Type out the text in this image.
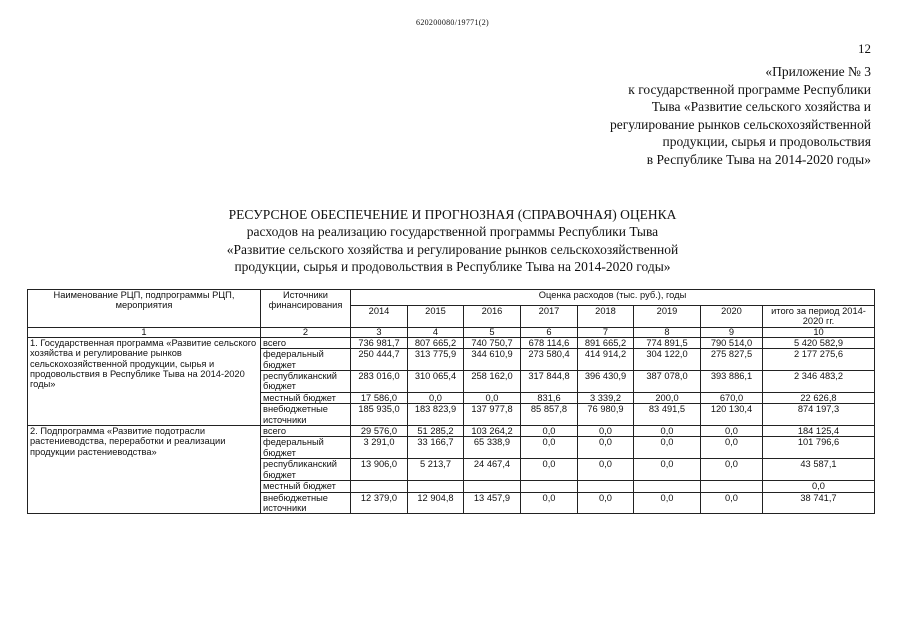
620200080/19771(2)
12
«Приложение № 3
к государственной программе Республики
Тыва «Развитие сельского хозяйства и
регулирование рынков сельскохозяйственной
продукции, сырья и продовольствия
в Республике Тыва на 2014-2020 годы»
РЕСУРСНОЕ ОБЕСПЕЧЕНИЕ И ПРОГНОЗНАЯ (СПРАВОЧНАЯ) ОЦЕНКА
расходов на реализацию государственной программы Республики Тыва
«Развитие сельского хозяйства и регулирование рынков сельскохозяйственной
продукции, сырья и продовольствия в Республике Тыва на 2014-2020 годы»
Наименование РЦП, подпрограммы РЦП, мероприятия	Источники финансирования	Оценка расходов (тыс. руб.), годы							
		2014	2015	2016	2017	2018	2019	2020	итого за период 2014-2020 гг.
1	2	3	4	5	6	7	8	9	10
1. Государственная программа «Развитие сельского хозяйства и регулирование рынков сельскохозяйственной продукции, сырья и продовольствия в Республике Тыва на 2014-2020 годы»	всего	736 981,7	807 665,2	740 750,7	678 114,6	891 665,2	774 891,5	790 514,0	5 420 582,9
	федеральный бюджет	250 444,7	313 775,9	344 610,9	273 580,4	414 914,2	304 122,0	275 827,5	2 177 275,6
	республиканский бюджет	283 016,0	310 065,4	258 162,0	317 844,8	396 430,9	387 078,0	393 886,1	2 346 483,2
	местный бюджет	17 586,0	0,0	0,0	831,6	3 339,2	200,0	670,0	22 626,8
	внебюджетные источники	185 935,0	183 823,9	137 977,8	85 857,8	76 980,9	83 491,5	120 130,4	874 197,3
2. Подпрограмма «Развитие подотрасли растениеводства, переработки и реализации продукции растениеводства»	всего	29 576,0	51 285,2	103 264,2	0,0	0,0	0,0	0,0	184 125,4
	федеральный бюджет	3 291,0	33 166,7	65 338,9	0,0	0,0	0,0	0,0	101 796,6
	республиканский бюджет	13 906,0	5 213,7	24 467,4	0,0	0,0	0,0	0,0	43 587,1
	местный бюджет								0,0
	внебюджетные источники	12 379,0	12 904,8	13 457,9	0,0	0,0	0,0	0,0	38 741,7
